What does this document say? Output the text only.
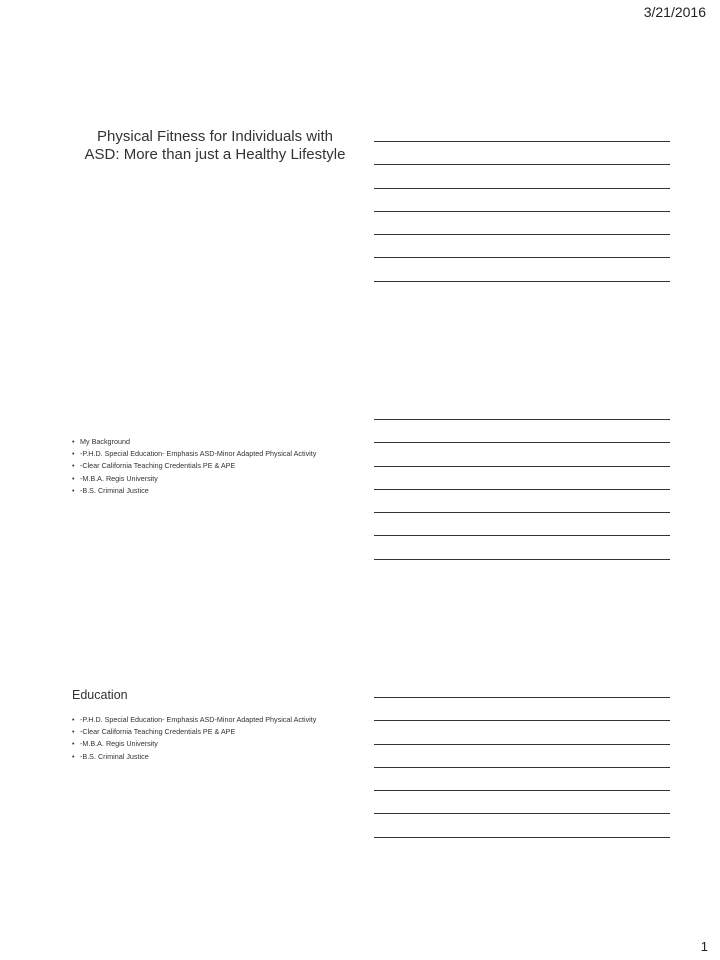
3/21/2016
Physical Fitness for Individuals with ASD: More than just a Healthy Lifestyle
• My Background
• -P.H.D. Special Education- Emphasis ASD-Minor Adapted Physical Activity
• -Clear California Teaching Credentials PE & APE
• -M.B.A. Regis University
• -B.S. Criminal Justice
Education
• -P.H.D. Special Education- Emphasis ASD-Minor Adapted Physical Activity
• -Clear California Teaching Credentials PE & APE
• -M.B.A. Regis University
• -B.S. Criminal Justice
1
